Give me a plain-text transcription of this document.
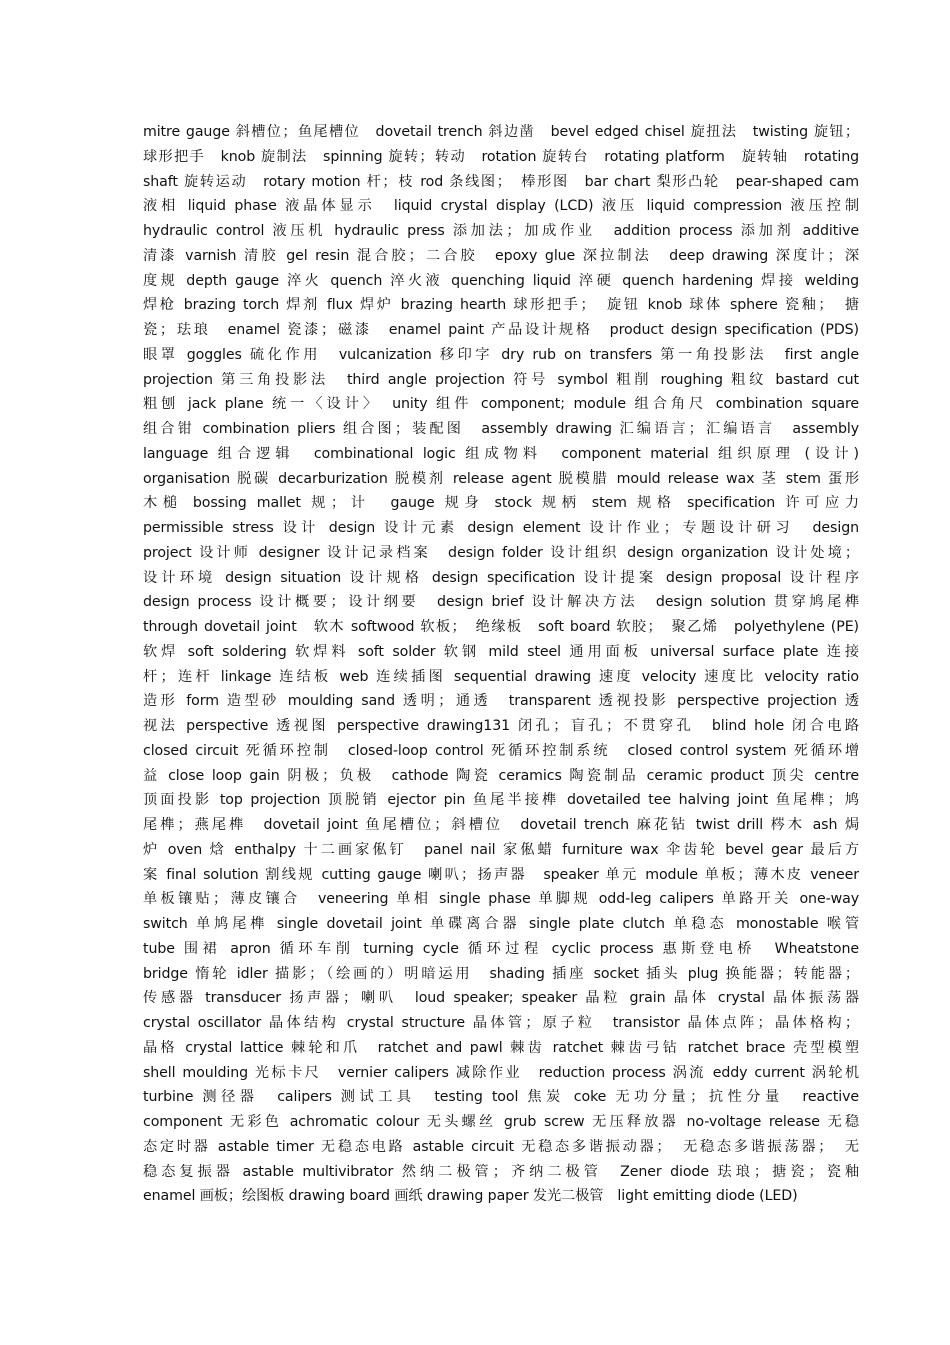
mitre gauge 斜槽位；鱼尾槽位　dovetail trench 斜边凿　bevel edged chisel 旋扭法　twisting 旋钮；
球形把手　knob 旋制法　spinning 旋转；转动　rotation 旋转台　rotating platform　旋转轴　rotating
shaft 旋转运动　rotary motion 杆；枝 rod 条线图；　棒形图　bar chart 梨形凸轮　pear-shaped cam
液相 liquid phase 液晶体显示　liquid crystal display (LCD) 液压 liquid compression 液压控制
hydraulic control 液压机 hydraulic press 添加法；加成作业　addition process 添加剂 additive
清漆 varnish 清胶 gel resin 混合胶；二合胶　epoxy glue 深拉制法　deep drawing 深度计；深
度规 depth gauge 淬火 quench 淬火液 quenching liquid 淬硬 quench hardening 焊接 welding
焊枪 brazing torch 焊剂 flux 焊炉 brazing hearth 球形把手；　旋钮 knob 球体 sphere 瓷釉；　搪
瓷；珐琅　enamel 瓷漆；磁漆　enamel paint 产品设计规格　product design specification (PDS)
眼罩 goggles 硫化作用　vulcanization 移印字 dry rub on transfers 第一角投影法　first angle
projection 第三角投影法　third angle projection 符号 symbol 粗削 roughing 粗纹 bastard cut
粗刨 jack plane 统一〈设计〉　unity 组件 component; module 组合角尺 combination square
组合钳 combination pliers 组合图；装配图　assembly drawing 汇编语言；汇编语言　assembly
language 组合逻辑　combinational logic 组成物料　component material 组织原理 (设计)
organisation 脱碳 decarburization 脱模剂 release agent 脱模腊 mould release wax 茎 stem 蛋形
木槌 bossing mallet 规；计　gauge 规身 stock 规柄 stem 规格 specification 许可应力
permissible stress 设计 design 设计元素 design element 设计作业；专题设计研习　design
project 设计师 designer 设计记录档案　design folder 设计组织 design organization 设计处境；
设计环境 design situation 设计规格 design specification 设计提案 design proposal 设计程序
design process 设计概要；设计纲要　design brief 设计解决方法　design solution 贯穿鸠尾榫
through dovetail joint　软木 softwood 软板；　绝缘板　soft board 软胶；　聚乙烯　polyethylene (PE)
软焊 soft soldering 软焊料 soft solder 软钢 mild steel 通用面板 universal surface plate 连接
杆；连杆 linkage 连结板 web 连续插图 sequential drawing 速度 velocity 速度比 velocity ratio
造形 form 造型砂 moulding sand 透明；通透　transparent 透视投影 perspective projection 透
视法 perspective 透视图 perspective drawing131 闭孔；盲孔；不贯穿孔　blind hole 闭合电路
closed circuit 死循环控制　closed-loop control 死循环控制系统　closed control system 死循环增
益 close loop gain 阴极；负极　cathode 陶瓷 ceramics 陶瓷制品 ceramic product 顶尖 centre
顶面投影 top projection 顶脱销 ejector pin 鱼尾半接榫 dovetailed tee halving joint 鱼尾榫；鸠
尾榫；燕尾榫　dovetail joint 鱼尾槽位；斜槽位　dovetail trench 麻花钻 twist drill 梣木 ash 焗
炉 oven 焓 enthalpy 十二画家俬钉　panel nail 家俬蜡 furniture wax 伞齿轮 bevel gear 最后方
案 final solution 割线规 cutting gauge 喇叭；扬声器　speaker 单元 module 单板；薄木皮 veneer
单板镶贴；薄皮镶合　veneering 单相 single phase 单脚规 odd-leg calipers 单路开关 one-way
switch 单鸠尾榫 single dovetail joint 单碟离合器 single plate clutch 单稳态 monostable 喉管
tube 围裙 apron 循环车削 turning cycle 循环过程 cyclic process 惠斯登电桥　Wheatstone
bridge 惰轮 idler 描影；（绘画的）明暗运用　shading 插座 socket 插头 plug 换能器；转能器；
传感器 transducer 扬声器；喇叭　loud speaker; speaker 晶粒 grain 晶体 crystal 晶体振荡器
crystal oscillator 晶体结构 crystal structure 晶体管；原子粒　transistor 晶体点阵；晶体格构；
晶格 crystal lattice 棘轮和爪　ratchet and pawl 棘齿 ratchet 棘齿弓钻 ratchet brace 壳型模塑
shell moulding 光标卡尺　vernier calipers 减除作业　reduction process 涡流 eddy current 涡轮机
turbine 测径器　calipers 测试工具　testing tool 焦炭 coke 无功分量；抗性分量　reactive
component 无彩色 achromatic colour 无头螺丝 grub screw 无压释放器 no-voltage release 无稳
态定时器 astable timer 无稳态电路 astable circuit 无稳态多谐振动器；　无稳态多谐振荡器；　无
稳态复振器 astable multivibrator 然纳二极管；齐纳二极管　Zener diode 珐琅；搪瓷；瓷釉
enamel 画板；绘图板 drawing board 画纸 drawing paper 发光二极管　light emitting diode (LED)
